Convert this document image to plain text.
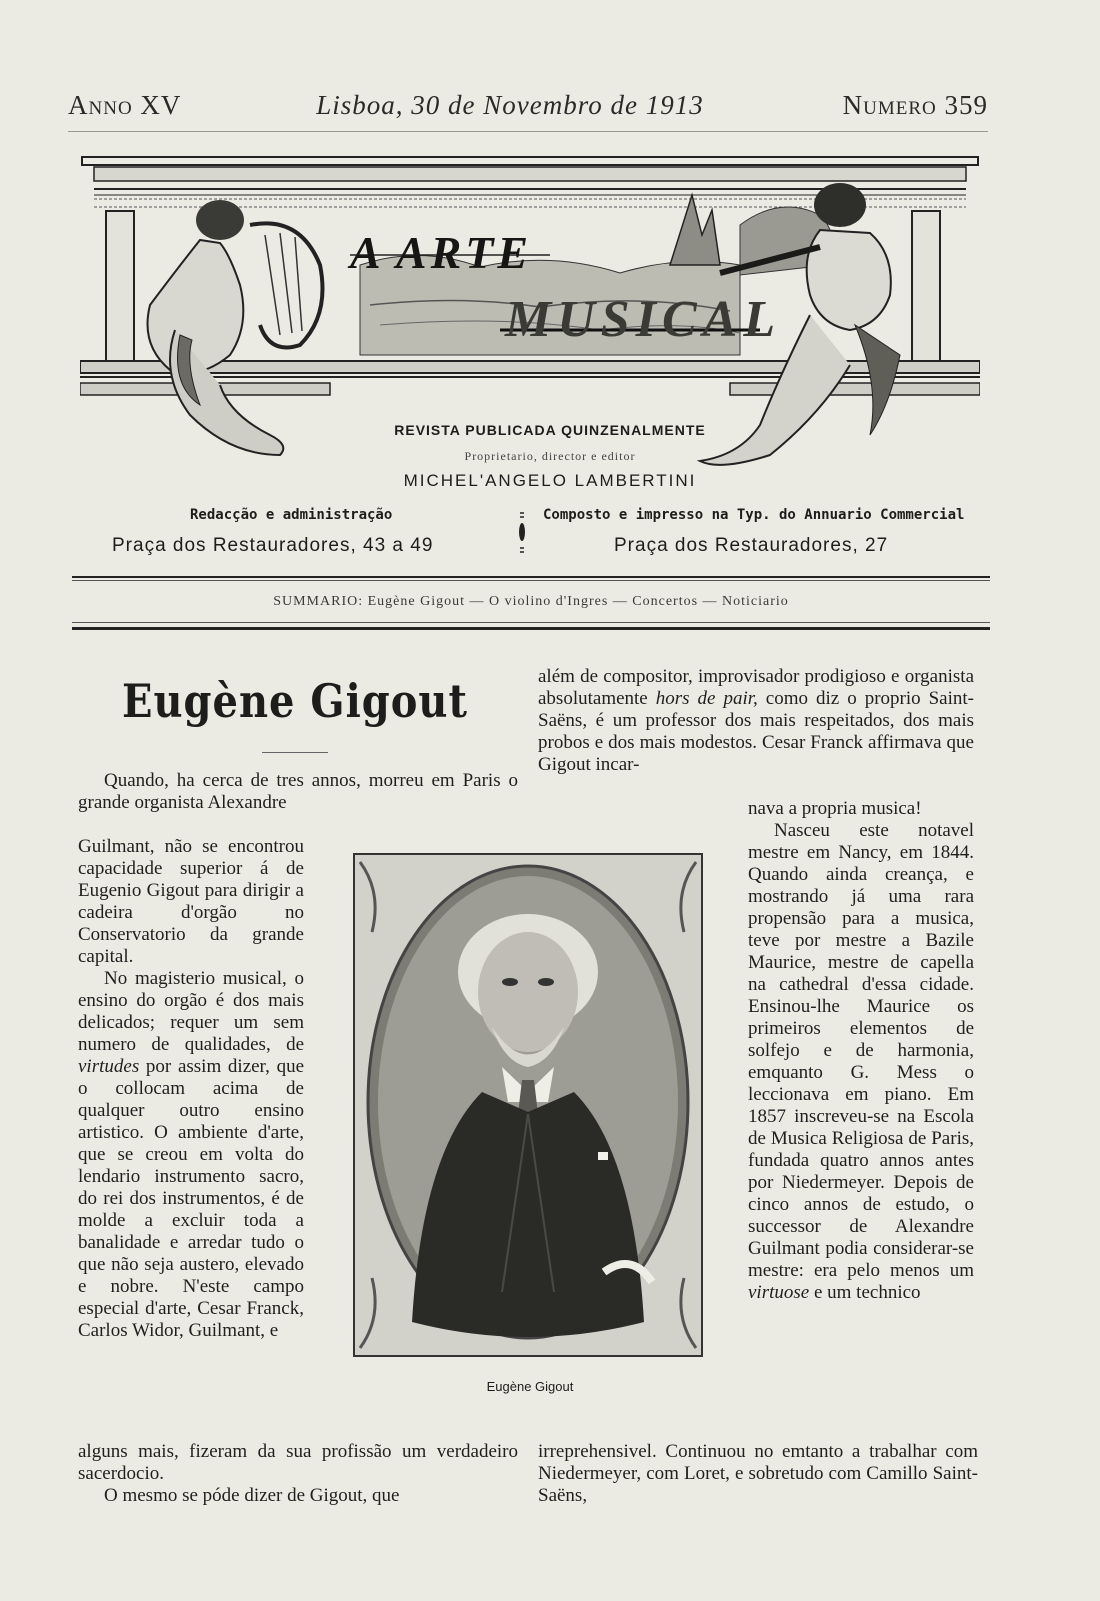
Anno XV	Lisboa, 30 de Novembro de 1913	Numero 359
A ARTE
MUSICAL
REVISTA PUBLICADA QUINZENALMENTE
Proprietario, director e editor
MICHEL'ANGELO LAMBERTINI
Redacção e administração	Composto e impresso na Typ. do Annuario Commercial
Praça dos Restauradores, 43 a 49	Praça dos Restauradores, 27
SUMMARIO: Eugène Gigout — O violino d'Ingres — Concertos — Noticiario
Eugène Gigout

Quando, ha cerca de tres annos, morreu em Paris o grande organista Alexandre

Guilmant, não se encontrou capacidade superior á de Eugenio Gigout para dirigir a cadeira d'orgão no Conservatorio da grande capital.

No magisterio musical, o ensino do orgão é dos mais delicados; requer um sem numero de qualidades, de virtudes por assim dizer, que o collocam acima de qualquer outro ensino artistico. O ambiente d'arte, que se creou em volta do lendario instrumento sacro, do rei dos instrumentos, é de molde a excluir toda a banalidade e arredar tudo o que não seja austero, elevado e nobre. N'este campo especial d'arte, Cesar Franck, Carlos Widor, Guilmant, e

alguns mais, fizeram da sua profissão um verdadeiro sacerdocio.

O mesmo se póde dizer de Gigout, que

além de compositor, improvisador prodigioso e organista absolutamente hors de pair, como diz o proprio Saint-Saëns, é um professor dos mais respeitados, dos mais probos e dos mais modestos. Cesar Franck affirmava que Gigout incar-

nava a propria musica!

Nasceu este notavel mestre em Nancy, em 1844. Quando ainda creança, e mostrando já uma rara propensão para a musica, teve por mestre a Bazile Maurice, mestre de capella na cathedral d'essa cidade. Ensinou-lhe Maurice os primeiros elementos de solfejo e de harmonia, emquanto G. Mess o leccionava em piano. Em 1857 inscreveu-se na Escola de Musica Religiosa de Paris, fundada quatro annos antes por Niedermeyer. Depois de cinco annos de estudo, o successor de Alexandre Guilmant podia considerar-se mestre: era pelo menos um virtuose e um technico

irreprehensivel. Continuou no emtanto a trabalhar com Niedermeyer, com Loret, e sobretudo com Camillo Saint-Saëns,

Eugène Gigout
